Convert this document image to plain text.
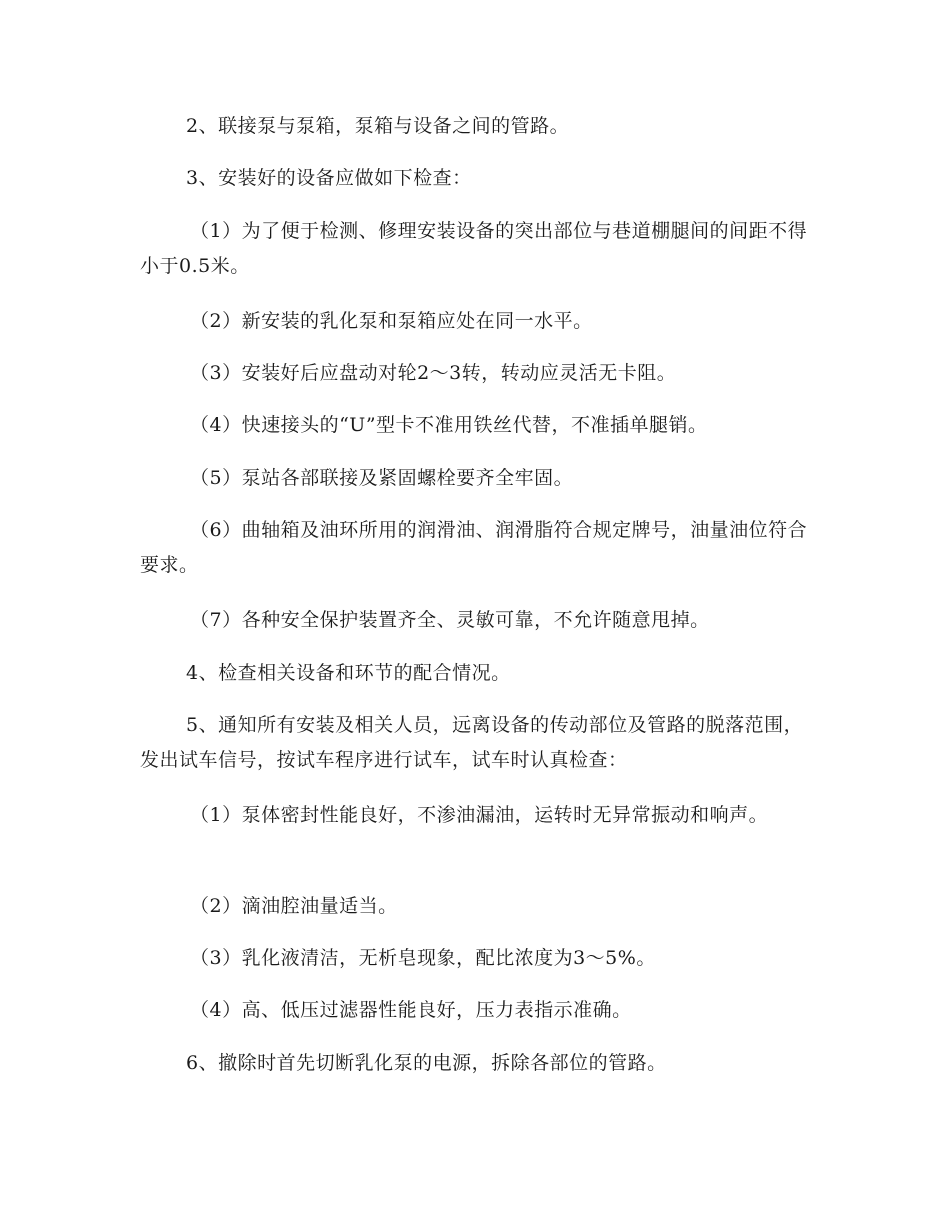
2、联接泵与泵箱，泵箱与设备之间的管路。

3、安装好的设备应做如下检查：

（1）为了便于检测、修理安装设备的突出部位与巷道棚腿间的间距不得小于0.5米。

（2）新安装的乳化泵和泵箱应处在同一水平。

（3）安装好后应盘动对轮2～3转，转动应灵活无卡阻。

（4）快速接头的“U”型卡不准用铁丝代替，不准插单腿销。

（5）泵站各部联接及紧固螺栓要齐全牢固。

（6）曲轴箱及油环所用的润滑油、润滑脂符合规定牌号，油量油位符合要求。

（7）各种安全保护装置齐全、灵敏可靠，不允许随意甩掉。

4、检查相关设备和环节的配合情况。

5、通知所有安装及相关人员，远离设备的传动部位及管路的脱落范围，发出试车信号，按试车程序进行试车，试车时认真检查：

（1）泵体密封性能良好，不渗油漏油，运转时无异常振动和响声。

（2）滴油腔油量适当。

（3）乳化液清洁，无析皂现象，配比浓度为3～5%。

（4）高、低压过滤器性能良好，压力表指示准确。

6、撤除时首先切断乳化泵的电源，拆除各部位的管路。
